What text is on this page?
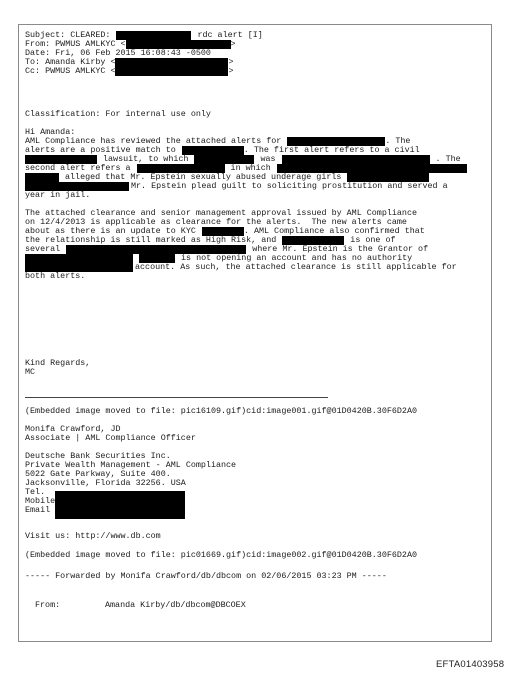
Subject: CLEARED:	rdc alert [I]
From: PWMUS AMLKYC <	>
Date: Fri, 06 Feb 2015 16:08:43 -0500
To: Amanda Kirby <	>
Cc: PWMUS AMLKYC <	>
Classification: For internal use only
Hi Amanda:
AML Compliance has reviewed the attached alerts for	. The
alerts are a positive match to	. The first alert refers to a civil
lawsuit, to which	was	. The
second alert refers a	in which
alleged that Mr. Epstein sexually abused underage girls
Mr. Epstein plead guilt to soliciting prostitution and served a
year in jail.
The attached clearance and senior management approval issued by AML Compliance
on 12/4/2013 is applicable as clearance for the alerts.  The new alerts came
about as there is an update to KYC	. AML Compliance also confirmed that
the relationship is still marked as High Risk, and	is one of
several	where Mr. Epstein is the Grantor of
is not opening an account and has no authority
account. As such, the attached clearance is still applicable for
both alerts.
Kind Regards,
MC
(Embedded image moved to file: pic16109.gif)cid:image001.gif@01D0420B.30F6D2A0
Monifa Crawford, JD
Associate | AML Compliance Officer
Deutsche Bank Securities Inc.
Private Wealth Management - AML Compliance
5022 Gate Parkway, Suite 400.
Jacksonville, Florida 32256. USA
Tel.
Mobile
Email
Visit us: http://www.db.com
(Embedded image moved to file: pic01669.gif)cid:image002.gif@01D0420B.30F6D2A0
----- Forwarded by Monifa Crawford/db/dbcom on 02/06/2015 03:23 PM -----
From:	Amanda Kirby/db/dbcom@DBCOEX
EFTA01403958
